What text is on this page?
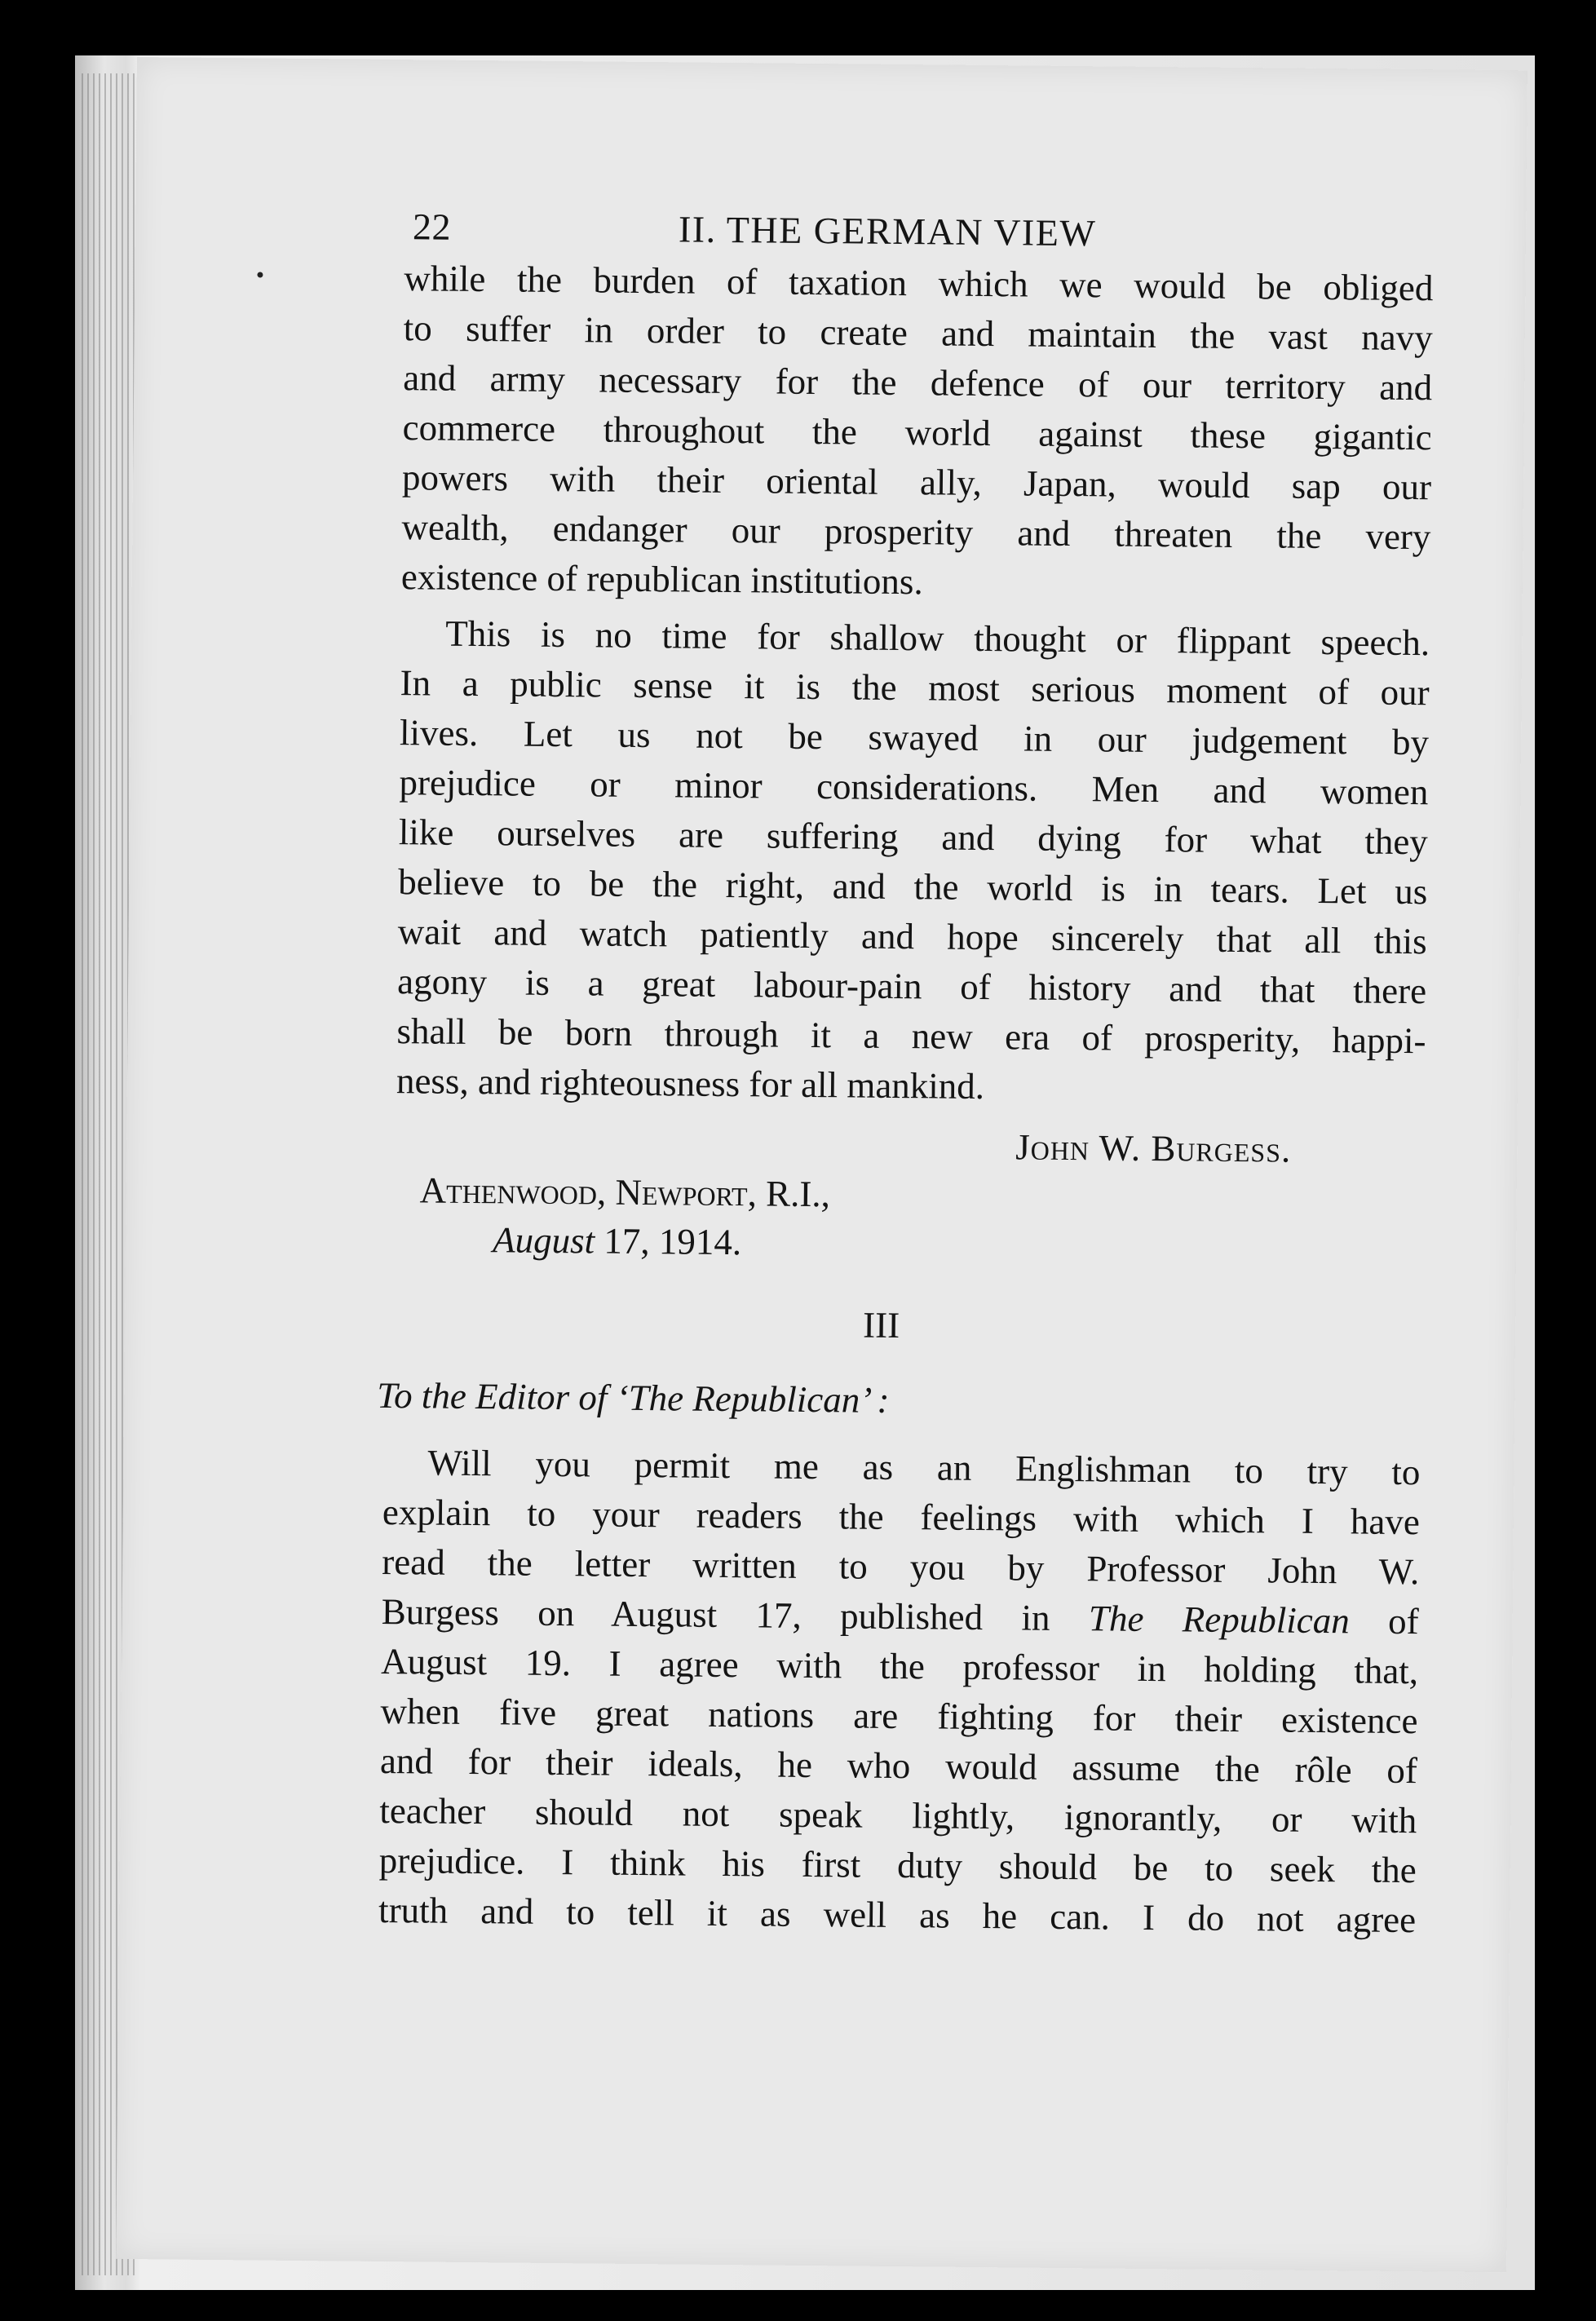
22	II. THE GERMAN VIEW
while the burden of taxation which we would be obliged
to suffer in order to create and maintain the vast navy
and army necessary for the defence of our territory and
commerce throughout the world against these gigantic
powers with their oriental ally, Japan, would sap our
wealth, endanger our prosperity and threaten the very
existence of republican institutions.
This is no time for shallow thought or flippant speech.
In a public sense it is the most serious moment of our
lives. Let us not be swayed in our judgement by
prejudice or minor considerations. Men and women
like ourselves are suffering and dying for what they
believe to be the right, and the world is in tears. Let us
wait and watch patiently and hope sincerely that all this
agony is a great labour-pain of history and that there
shall be born through it a new era of prosperity, happi-
ness, and righteousness for all mankind.
John W. Burgess.
Athenwood, Newport, R.I.,
August 17, 1914.
III
To the Editor of ‘The Republican’ :
Will you permit me as an Englishman to try to
explain to your readers the feelings with which I have
read the letter written to you by Professor John W.
Burgess on August 17, published in The Republican of
August 19. I agree with the professor in holding that,
when five great nations are fighting for their existence
and for their ideals, he who would assume the rôle of
teacher should not speak lightly, ignorantly, or with
prejudice. I think his first duty should be to seek the
truth and to tell it as well as he can. I do not agree
